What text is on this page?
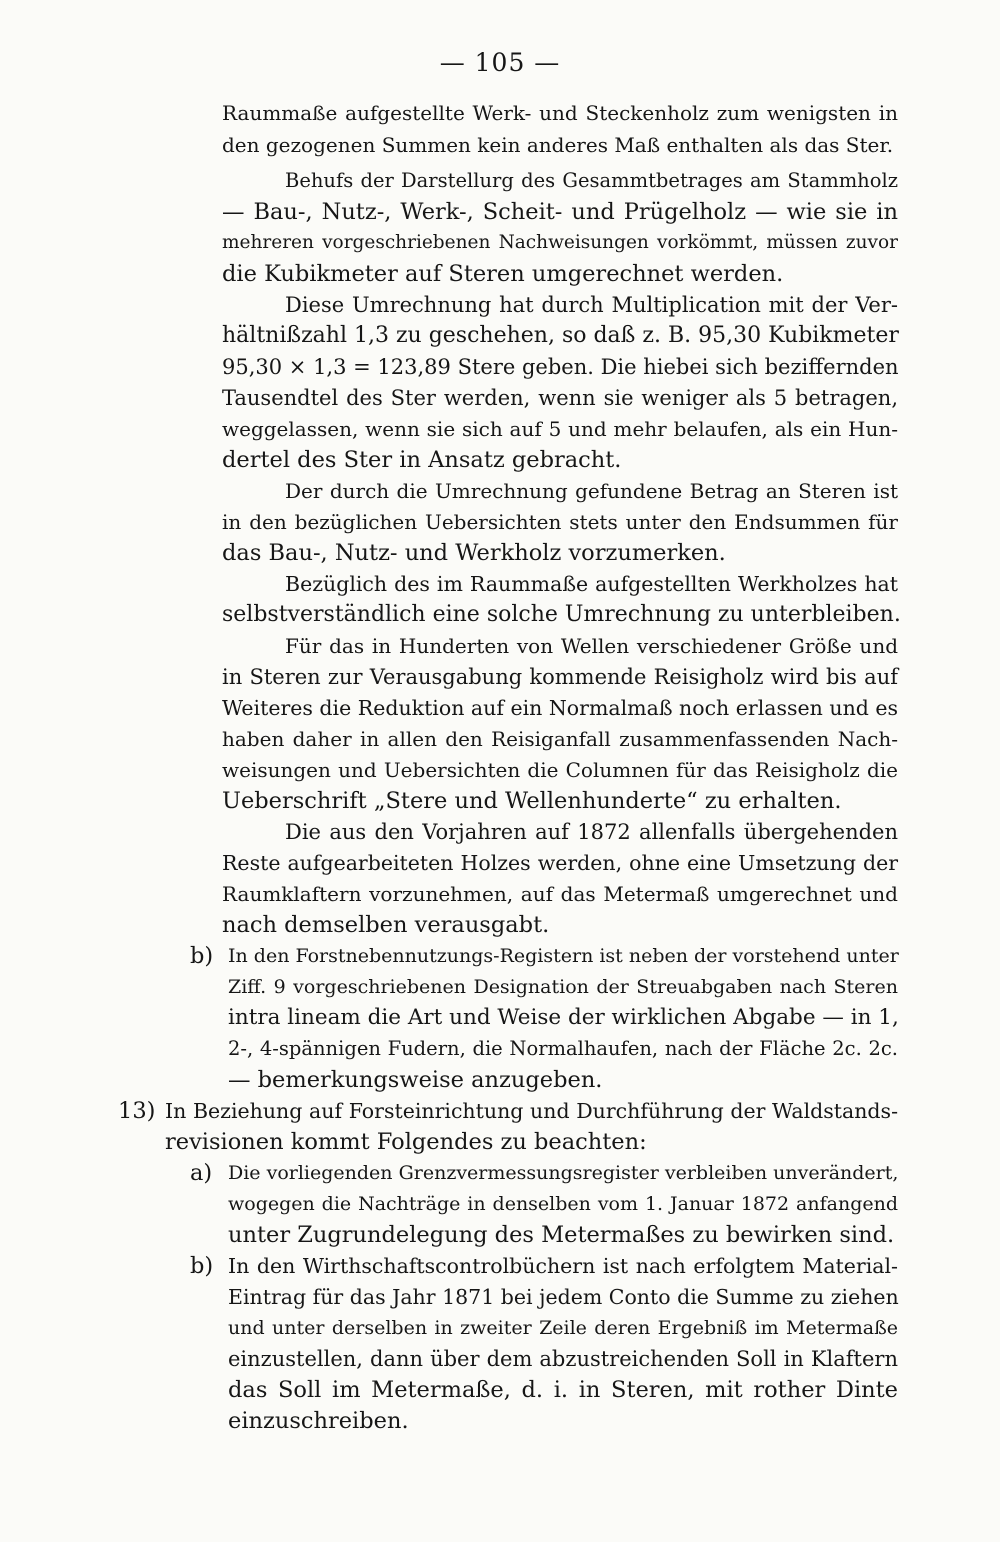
— 105 —
Raummaße aufgestellte Werk- und Steckenholz zum wenigsten in
den gezogenen Summen kein anderes Maß enthalten als das Ster.
Behufs der Darstellurg des Gesammtbetrages am Stammholz
— Bau-, Nutz-, Werk-, Scheit- und Prügelholz — wie sie in
mehreren vorgeschriebenen Nachweisungen vorkömmt, müssen zuvor
die Kubikmeter auf Steren umgerechnet werden.
Diese Umrechnung hat durch Multiplication mit der Ver-
hältnißzahl 1,3 zu geschehen, so daß z. B. 95,30 Kubikmeter
95,30 × 1,3 = 123,89 Stere geben. Die hiebei sich beziffernden
Tausendtel des Ster werden, wenn sie weniger als 5 betragen,
weggelassen, wenn sie sich auf 5 und mehr belaufen, als ein Hun-
dertel des Ster in Ansatz gebracht.
Der durch die Umrechnung gefundene Betrag an Steren ist
in den bezüglichen Uebersichten stets unter den Endsummen für
das Bau-, Nutz- und Werkholz vorzumerken.
Bezüglich des im Raummaße aufgestellten Werkholzes hat
selbstverständlich eine solche Umrechnung zu unterbleiben.
Für das in Hunderten von Wellen verschiedener Größe und
in Steren zur Verausgabung kommende Reisigholz wird bis auf
Weiteres die Reduktion auf ein Normalmaß noch erlassen und es
haben daher in allen den Reisiganfall zusammenfassenden Nach-
weisungen und Uebersichten die Columnen für das Reisigholz die
Ueberschrift „Stere und Wellenhunderte“ zu erhalten.
Die aus den Vorjahren auf 1872 allenfalls übergehenden
Reste aufgearbeiteten Holzes werden, ohne eine Umsetzung der
Raumklaftern vorzunehmen, auf das Metermaß umgerechnet und
nach demselben verausgabt.
b) In den Forstnebennutzungs-Registern ist neben der vorstehend unter
Ziff. 9 vorgeschriebenen Designation der Streuabgaben nach Steren
intra lineam die Art und Weise der wirklichen Abgabe — in 1,
2-, 4-spännigen Fudern, die Normalhaufen, nach der Fläche 2c. 2c.
— bemerkungsweise anzugeben.
13) In Beziehung auf Forsteinrichtung und Durchführung der Waldstands-
revisionen kommt Folgendes zu beachten:
a) Die vorliegenden Grenzvermessungsregister verbleiben unverändert,
wogegen die Nachträge in denselben vom 1. Januar 1872 anfangend
unter Zugrundelegung des Metermaßes zu bewirken sind.
b) In den Wirthschaftscontrolbüchern ist nach erfolgtem Material-
Eintrag für das Jahr 1871 bei jedem Conto die Summe zu ziehen
und unter derselben in zweiter Zeile deren Ergebniß im Metermaße
einzustellen, dann über dem abzustreichenden Soll in Klaftern
das Soll im Metermaße, d. i. in Steren, mit rother Dinte
einzuschreiben.
